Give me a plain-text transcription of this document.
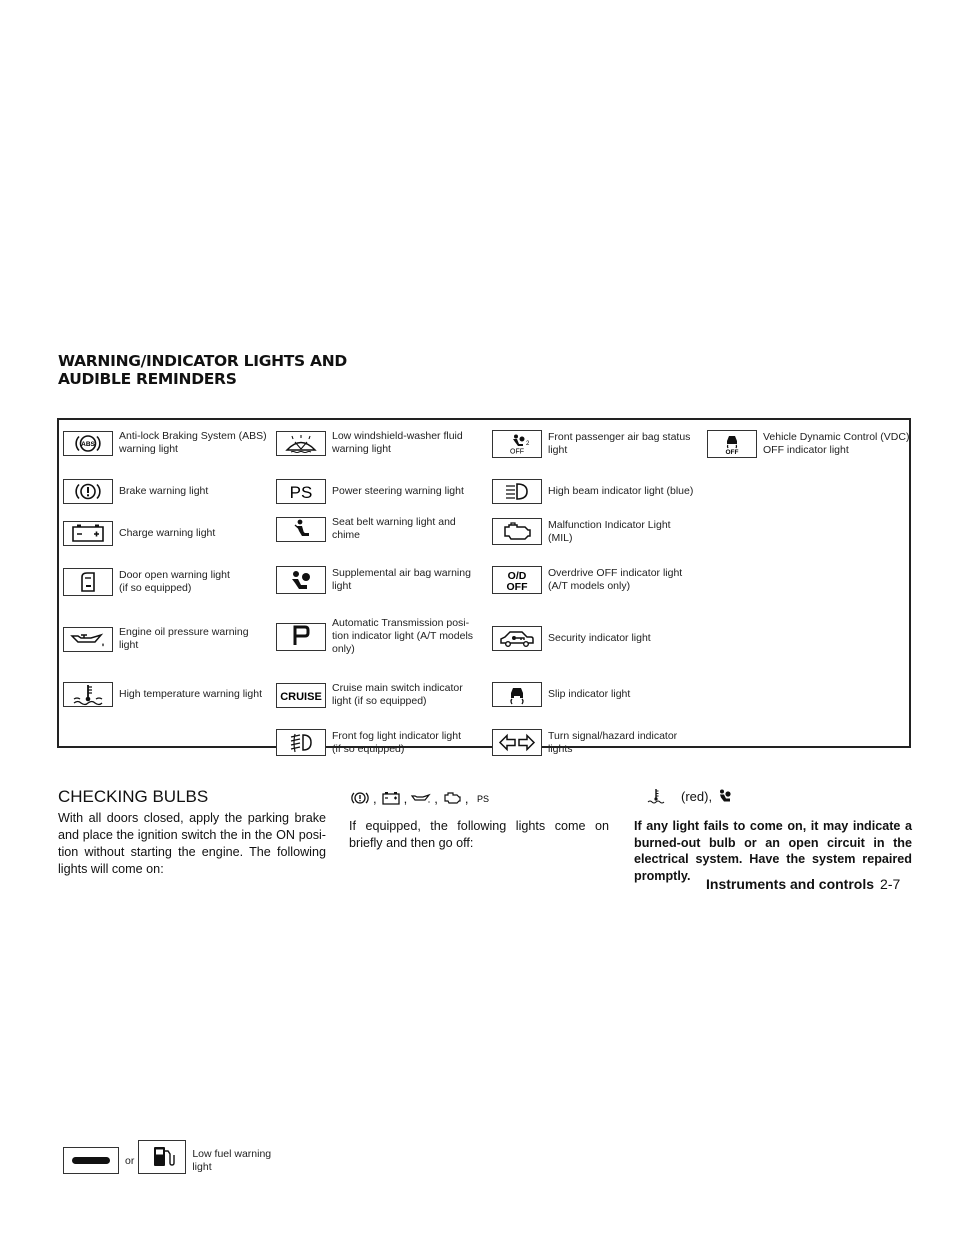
WARNING/INDICATOR LIGHTS AND
AUDIBLE REMINDERS
ABS
Anti-lock Braking System (ABS)
warning light
Brake warning light
Charge warning light
Door open warning light
(if so equipped)
Engine oil pressure warning
light
High temperature warning light
Low windshield-washer fluid
warning light
PS Power steering warning light
Seat belt warning light and
chime
Supplemental air bag warning
light
Automatic Transmission posi-
tion indicator light (A/T models
only)
CRUISE
Cruise main switch indicator
light (if so equipped)
Front fog light indicator light
(if so equipped)
2
OFF
Front passenger air bag status
light
High beam indicator light (blue)
Malfunction Indicator Light
(MIL)
O/D
OFF
Overdrive OFF indicator light
(A/T models only)
Security indicator light
Slip indicator light
Turn signal/hazard indicator
lights
OFF
Vehicle Dynamic Control (VDC)
OFF indicator light
or
Low fuel warning
light
CHECKING BULBS
With all doors closed, apply the parking brake and place the ignition switch the in the ON posi-tion without starting the engine. The following lights will come on:
, , , , PS
If equipped, the following lights come on briefly and then go off:
(red),
If any light fails to come on, it may indicate a burned-out bulb or an open circuit in the electrical system. Have the system repaired promptly.
Instruments and controls 2-7
